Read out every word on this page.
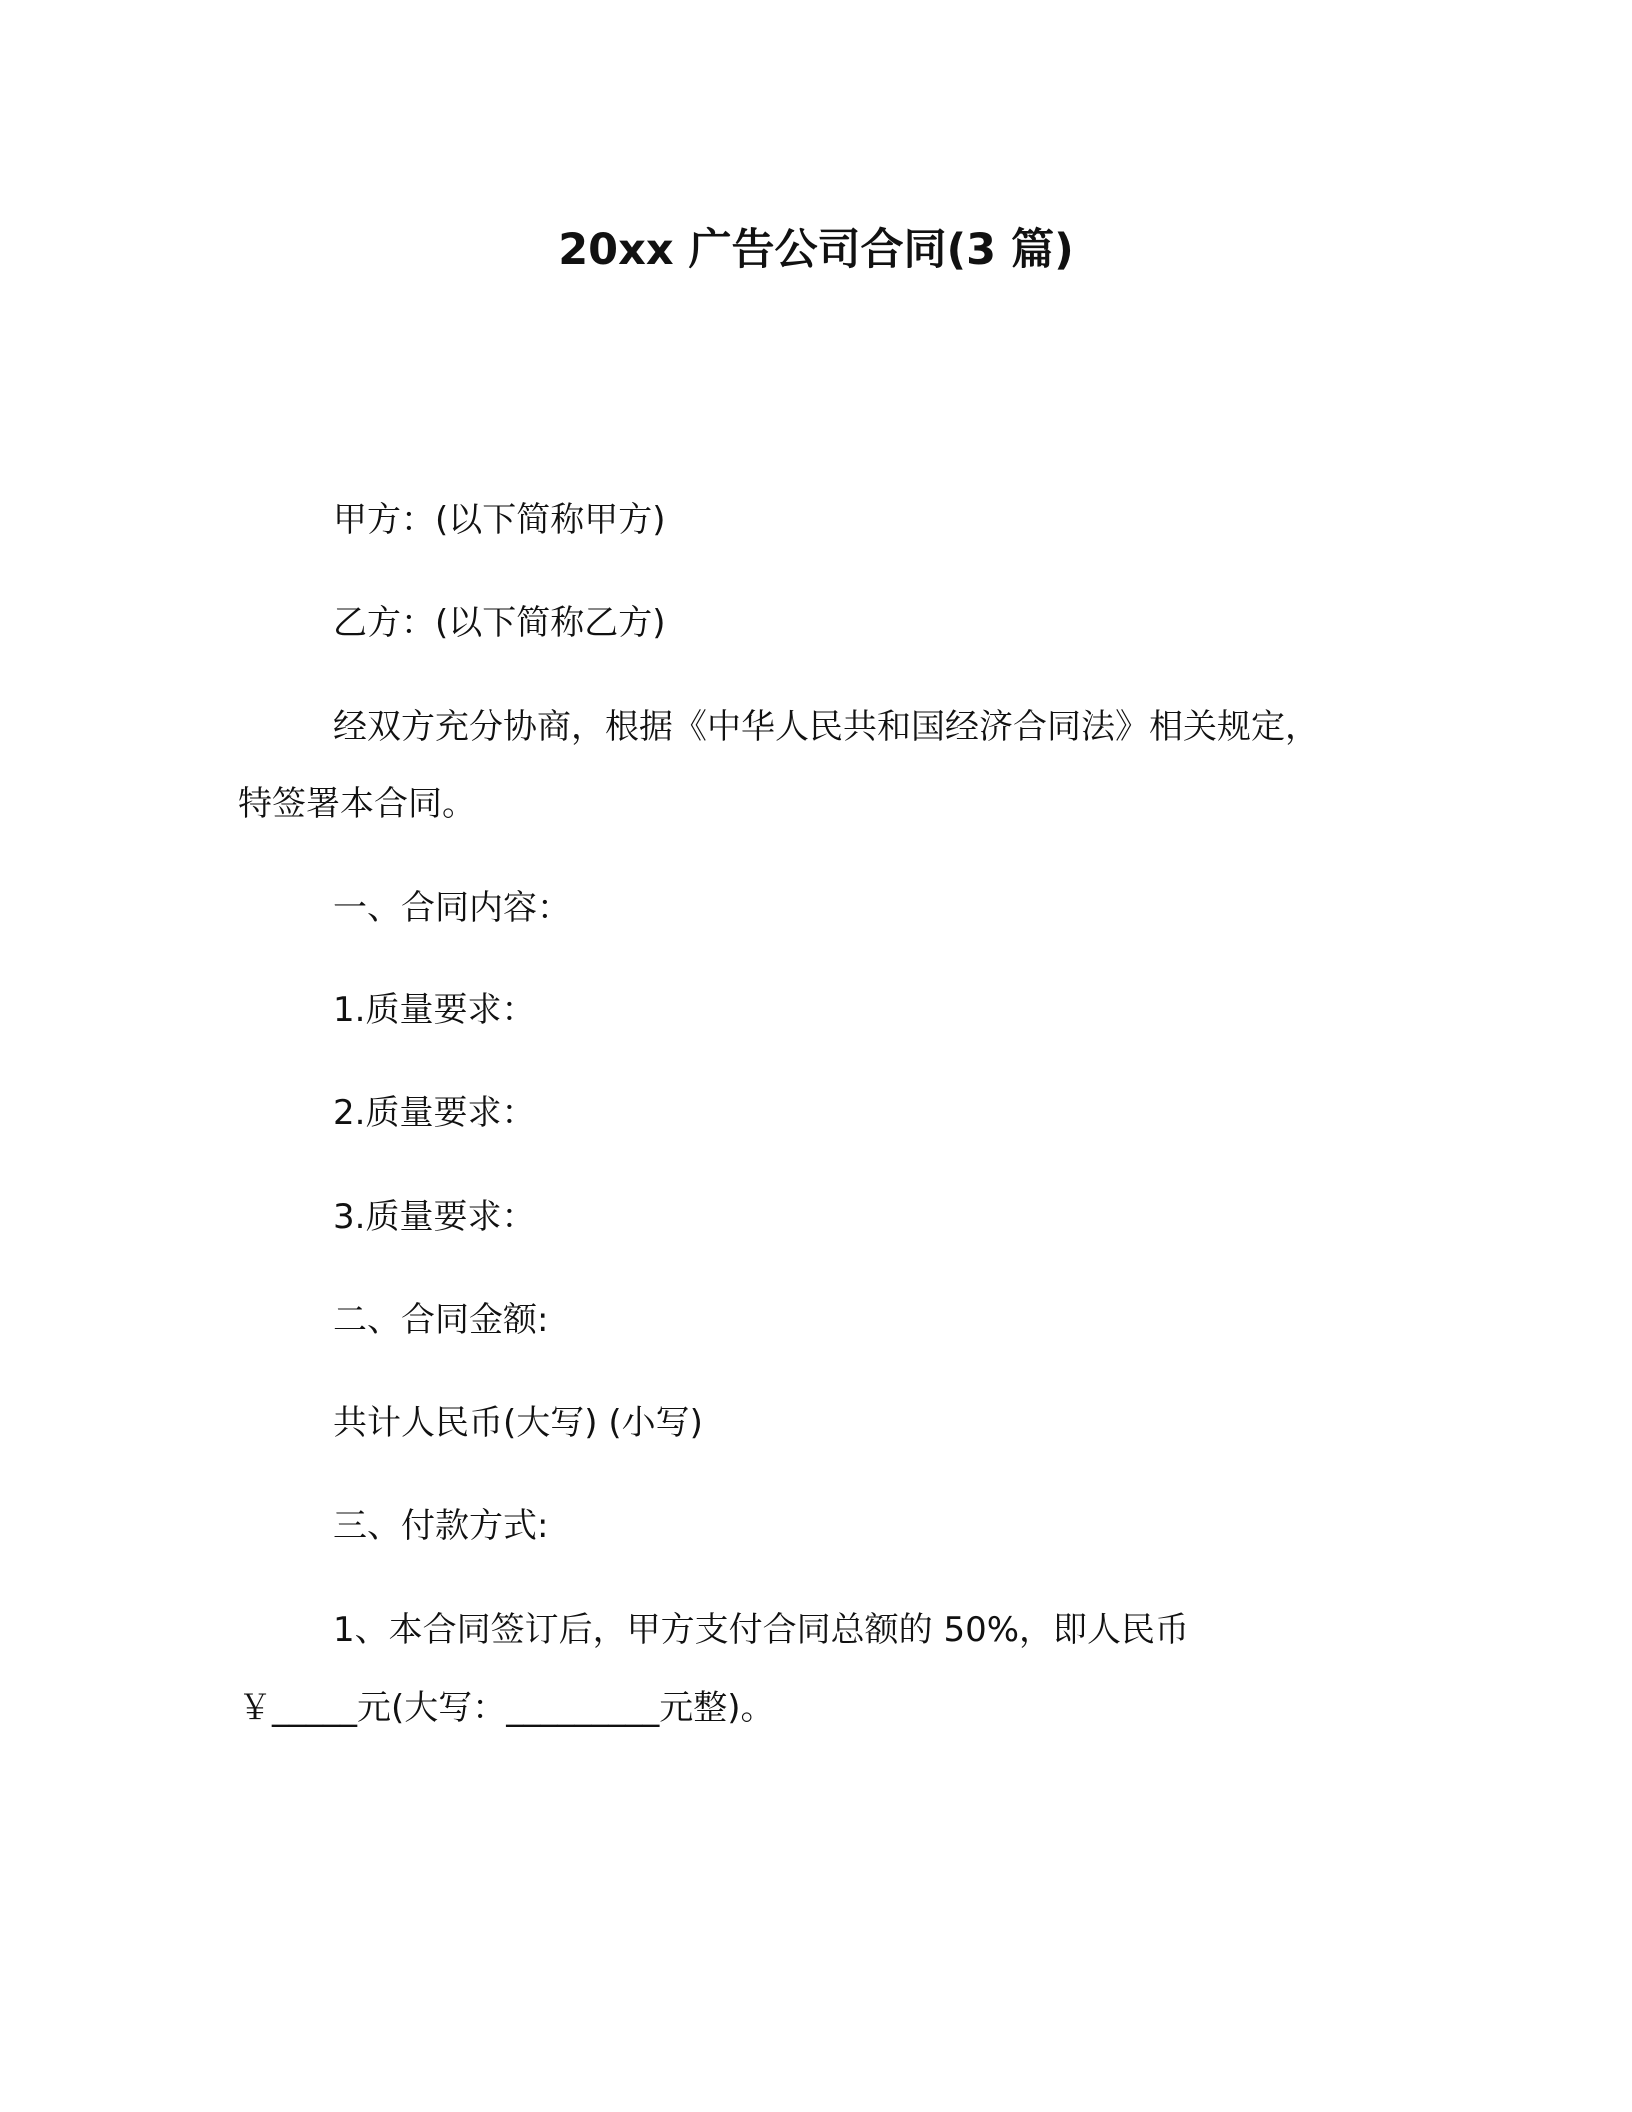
20xx 广告公司合同(3 篇)
甲方：(以下简称甲方)
乙方：(以下简称乙方)
经双方充分协商，根据《中华人民共和国经济合同法》相关规定，
特签署本合同。
一、合同内容：
1.质量要求：
2.质量要求：
3.质量要求：
二、合同金额:
共计人民币(大写) (小写)
三、付款方式:
1、本合同签订后，甲方支付合同总额的 50%，即人民币
￥_____元(大写：_________元整)。
